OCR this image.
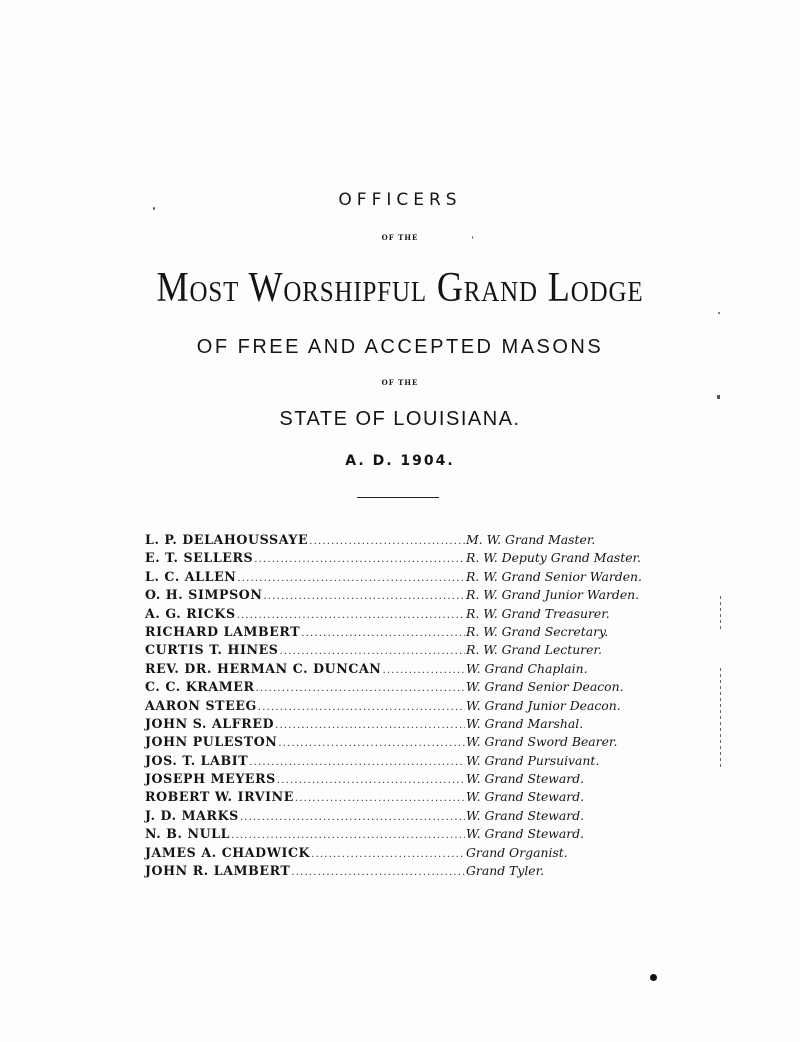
OFFICERS
OF THE
Most Worshipful Grand Lodge
OF FREE AND ACCEPTED MASONS
OF THE
STATE OF LOUISIANA.
A. D. 1904.
L. P. DELAHOUSSAYE .....	M. W. Grand Master.
E. T. SELLERS .....	R. W. Deputy Grand Master.
L. C. ALLEN .....	R. W. Grand Senior Warden.
O. H. SIMPSON .....	R. W. Grand Junior Warden.
A. G. RICKS .....	R. W. Grand Treasurer.
RICHARD LAMBERT .....	R. W. Grand Secretary.
CURTIS T. HINES .....	R. W. Grand Lecturer.
REV. DR. HERMAN C. DUNCAN .....	W. Grand Chaplain.
C. C. KRAMER .....	W. Grand Senior Deacon.
AARON STEEG .....	W. Grand Junior Deacon.
JOHN S. ALFRED .....	W. Grand Marshal.
JOHN PULESTON .....	W. Grand Sword Bearer.
JOS. T. LABIT .....	W. Grand Pursuivant.
JOSEPH MEYERS .....	W. Grand Steward.
ROBERT W. IRVINE .....	W. Grand Steward.
J. D. MARKS .....	W. Grand Steward.
N. B. NULL .....	W. Grand Steward.
JAMES A. CHADWICK .....	Grand Organist.
JOHN R. LAMBERT .....	Grand Tyler.
